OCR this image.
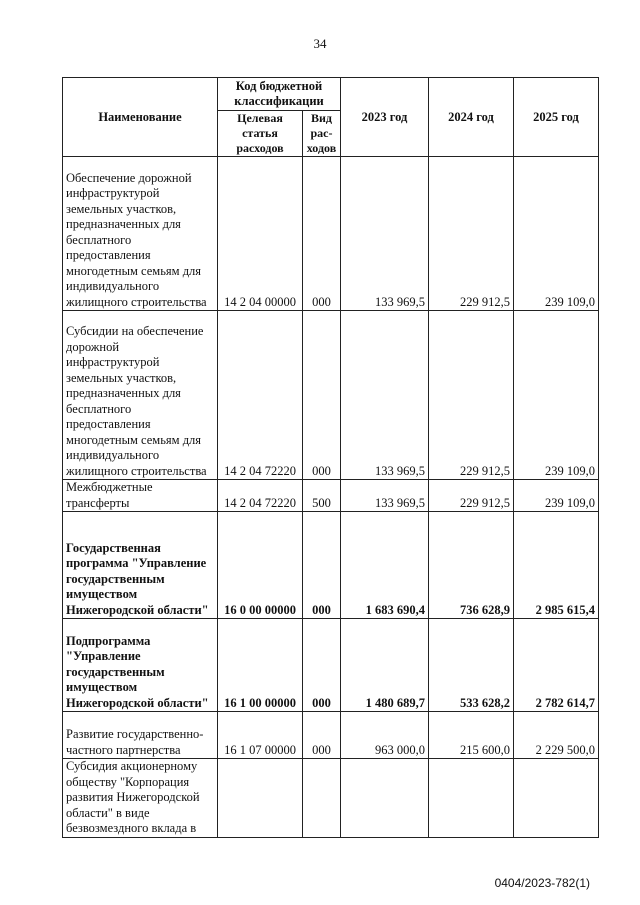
34
Наименование	Код бюджетной классификации		2023 год	2024 год	2025 год
	Целевая статья расходов	Вид рас-ходов			
Обеспечение дорожной инфраструктурой земельных участков, предназначенных для бесплатного предоставления многодетным семьям для индивидуального жилищного строительства	14 2 04 00000	000	133 969,5	229 912,5	239 109,0
Субсидии на обеспечение дорожной инфраструктурой земельных участков, предназначенных для бесплатного предоставления многодетным семьям для индивидуального жилищного строительства	14 2 04 72220	000	133 969,5	229 912,5	239 109,0
Межбюджетные трансферты	14 2 04 72220	500	133 969,5	229 912,5	239 109,0
Государственная программа "Управление государственным имуществом Нижегородской области"	16 0 00 00000	000	1 683 690,4	736 628,9	2 985 615,4
Подпрограмма "Управление государственным имуществом Нижегородской области"	16 1 00 00000	000	1 480 689,7	533 628,2	2 782 614,7
Развитие государственно-частного партнерства	16 1 07 00000	000	963 000,0	215 600,0	2 229 500,0
Субсидия акционерному обществу "Корпорация развития Нижегородской области" в виде безвозмездного вклада в					
0404/2023-782(1)
